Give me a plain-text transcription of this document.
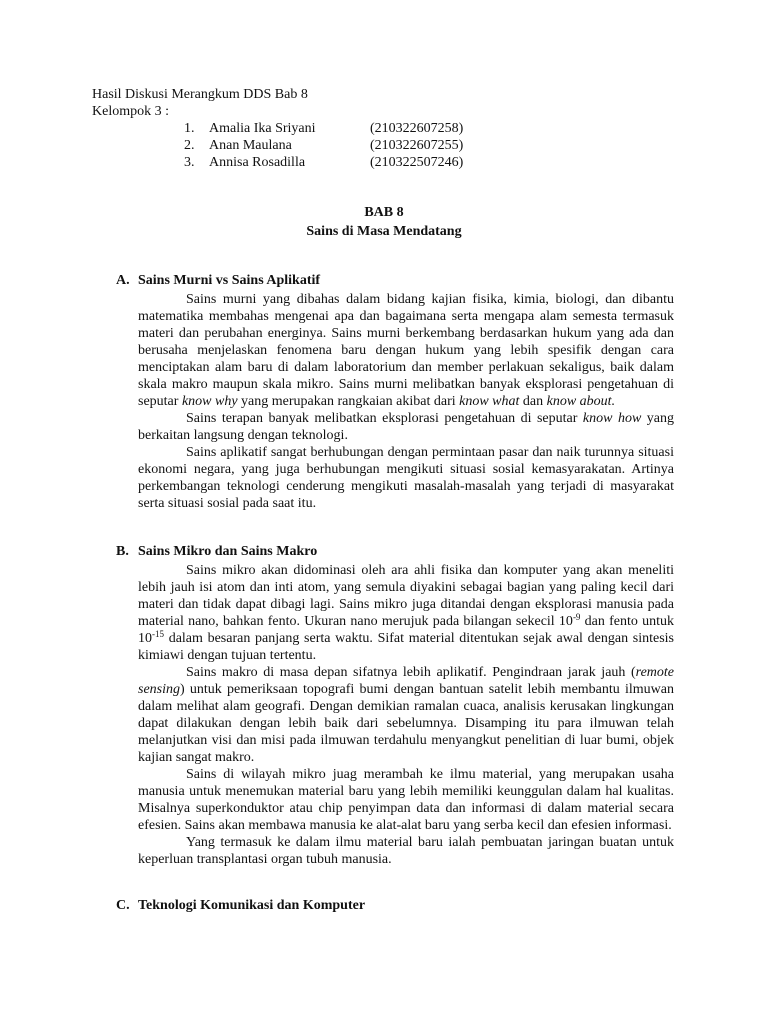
Hasil Diskusi Merangkum DDS Bab 8
Kelompok 3 :
1.	Amalia Ika Sriyani	(210322607258)
2.	Anan Maulana	(210322607255)
3.	Annisa Rosadilla	(210322507246)
BAB 8
Sains di Masa Mendatang
A. Sains Murni vs Sains Aplikatif

Sains murni yang dibahas dalam bidang kajian fisika, kimia, biologi, dan dibantu matematika membahas mengenai apa dan bagaimana serta mengapa alam semesta termasuk materi dan perubahan energinya. Sains murni berkembang berdasarkan hukum yang ada dan berusaha menjelaskan fenomena baru dengan hukum yang lebih spesifik dengan cara menciptakan alam baru di dalam laboratorium dan member perlakuan sekaligus, baik dalam skala makro maupun skala mikro. Sains murni melibatkan banyak eksplorasi pengetahuan di seputar know why yang merupakan rangkaian akibat dari know what dan know about.

Sains terapan banyak melibatkan eksplorasi pengetahuan di seputar know how yang berkaitan langsung dengan teknologi.

Sains aplikatif sangat berhubungan dengan permintaan pasar dan naik turunnya situasi ekonomi negara, yang juga berhubungan mengikuti situasi sosial kemasyarakatan. Artinya perkembangan teknologi cenderung mengikuti masalah-masalah yang terjadi di masyarakat serta situasi sosial pada saat itu.

B. Sains Mikro dan Sains Makro

Sains mikro akan didominasi oleh ara ahli fisika dan komputer yang akan meneliti lebih jauh isi atom dan inti atom, yang semula diyakini sebagai bagian yang paling kecil dari materi dan tidak dapat dibagi lagi. Sains mikro juga ditandai dengan eksplorasi manusia pada material nano, bahkan fento. Ukuran nano merujuk pada bilangan sekecil $10^{-9}$ dan fento untuk $10^{-15}$ dalam besaran panjang serta waktu. Sifat material ditentukan sejak awal dengan sintesis kimiawi dengan tujuan tertentu.

Sains makro di masa depan sifatnya lebih aplikatif. Pengindraan jarak jauh (remote sensing) untuk pemeriksaan topografi bumi dengan bantuan satelit lebih membantu ilmuwan dalam melihat alam geografi. Dengan demikian ramalan cuaca, analisis kerusakan lingkungan dapat dilakukan dengan lebih baik dari sebelumnya. Disamping itu para ilmuwan telah melanjutkan visi dan misi pada ilmuwan terdahulu menyangkut penelitian di luar bumi, objek kajian sangat makro.

Sains di wilayah mikro juag merambah ke ilmu material, yang merupakan usaha manusia untuk menemukan material baru yang lebih memiliki keunggulan dalam hal kualitas. Misalnya superkonduktor atau chip penyimpan data dan informasi di dalam material secara efesien. Sains akan membawa manusia ke alat-alat baru yang serba kecil dan efesien informasi.

Yang termasuk ke dalam ilmu material baru ialah pembuatan jaringan buatan untuk keperluan transplantasi organ tubuh manusia.

C. Teknologi Komunikasi dan Komputer
